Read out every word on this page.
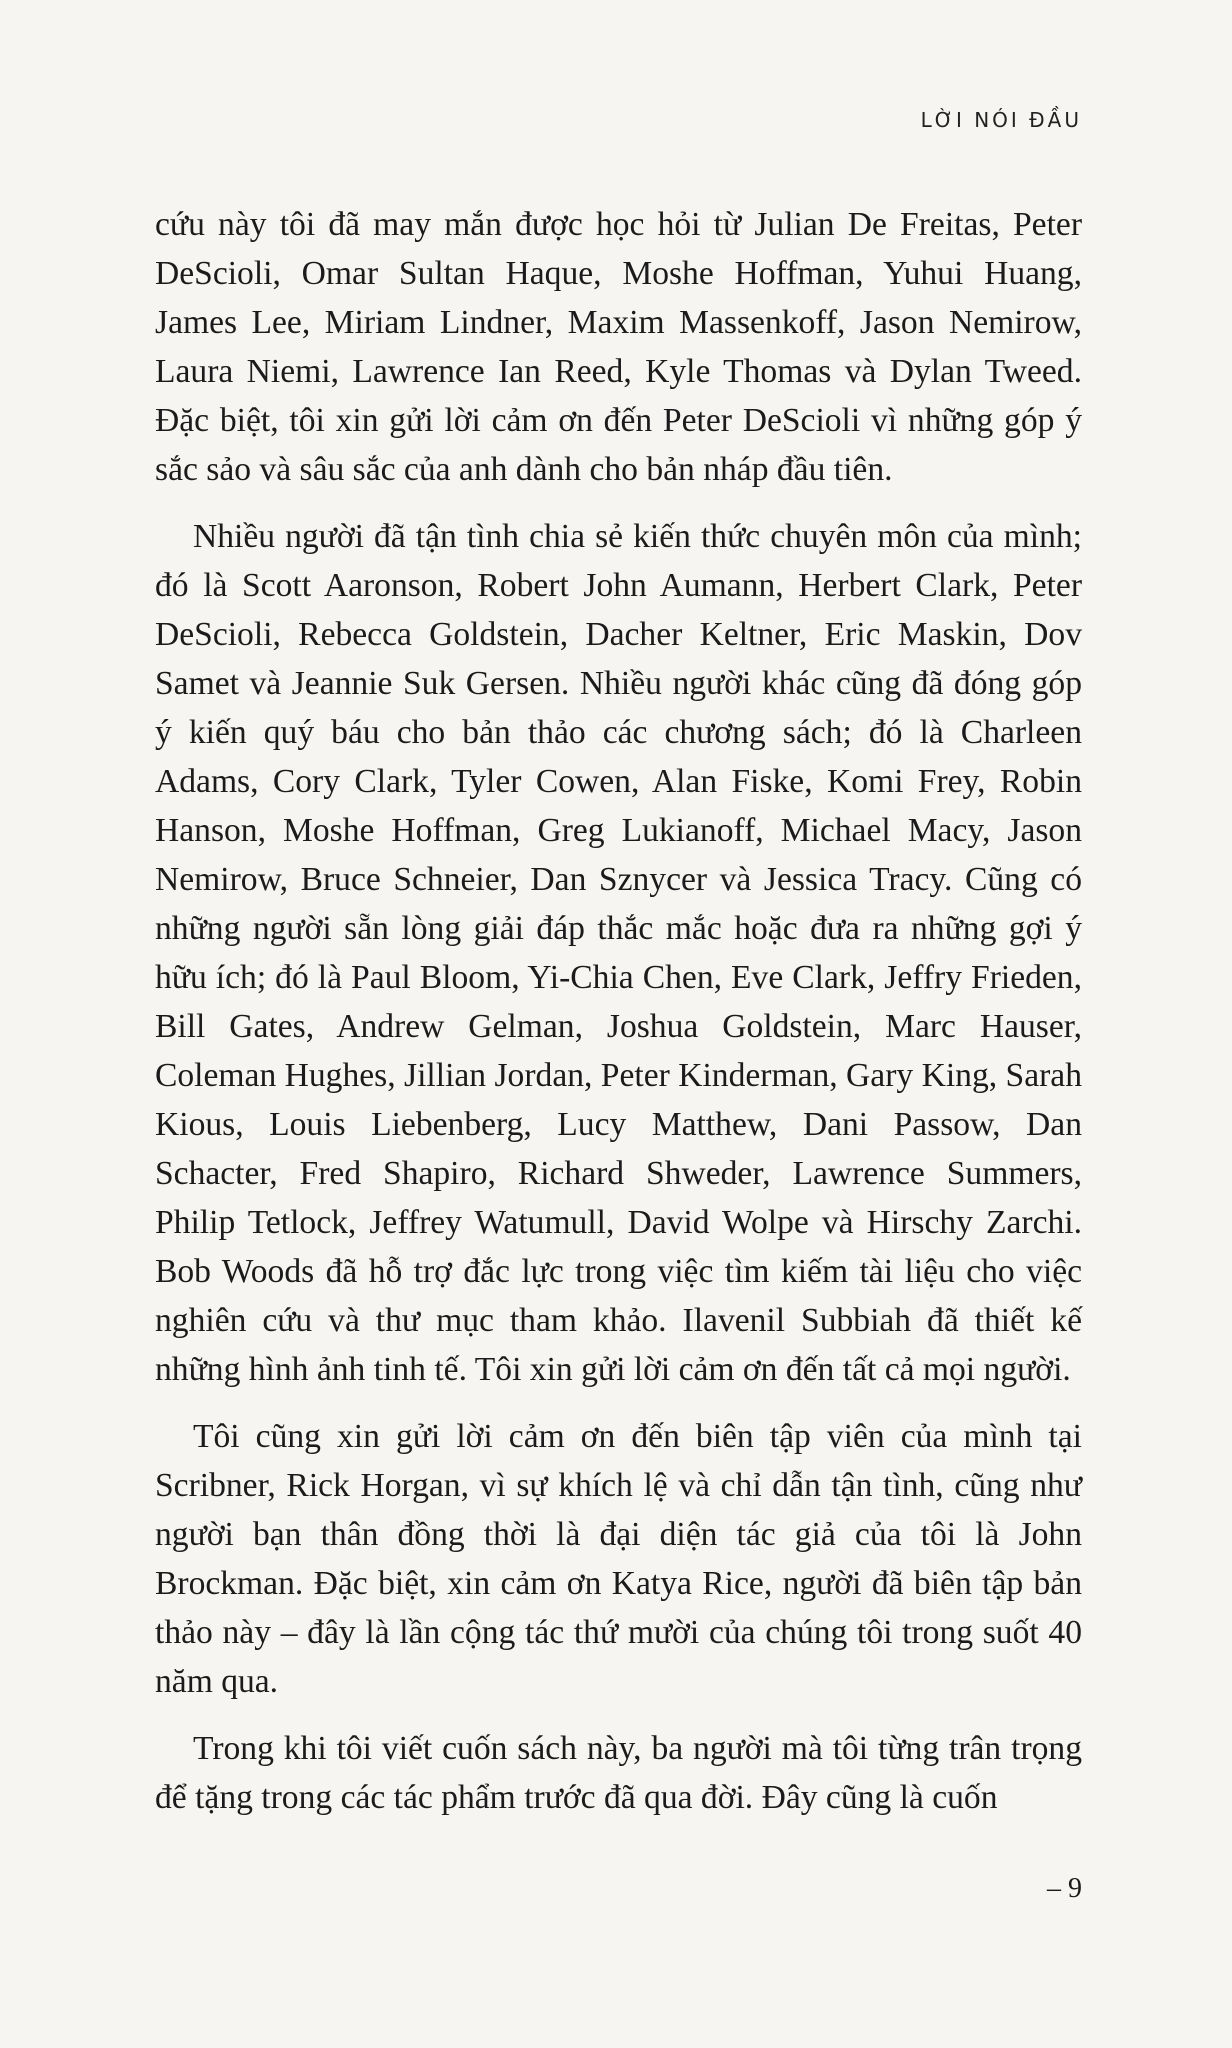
LỜI NÓI ĐẦU

cứu này tôi đã may mắn được học hỏi từ Julian De Freitas, Peter DeScioli, Omar Sultan Haque, Moshe Hoffman, Yuhui Huang, James Lee, Miriam Lindner, Maxim Massenkoff, Jason Nemirow, Laura Niemi, Lawrence Ian Reed, Kyle Thomas và Dylan Tweed. Đặc biệt, tôi xin gửi lời cảm ơn đến Peter DeScioli vì những góp ý sắc sảo và sâu sắc của anh dành cho bản nháp đầu tiên.

Nhiều người đã tận tình chia sẻ kiến thức chuyên môn của mình; đó là Scott Aaronson, Robert John Aumann, Herbert Clark, Peter DeScioli, Rebecca Goldstein, Dacher Keltner, Eric Maskin, Dov Samet và Jeannie Suk Gersen. Nhiều người khác cũng đã đóng góp ý kiến quý báu cho bản thảo các chương sách; đó là Charleen Adams, Cory Clark, Tyler Cowen, Alan Fiske, Komi Frey, Robin Hanson, Moshe Hoffman, Greg Lukianoff, Michael Macy, Jason Nemirow, Bruce Schneier, Dan Sznycer và Jessica Tracy. Cũng có những người sẵn lòng giải đáp thắc mắc hoặc đưa ra những gợi ý hữu ích; đó là Paul Bloom, Yi-Chia Chen, Eve Clark, Jeffry Frieden, Bill Gates, Andrew Gelman, Joshua Goldstein, Marc Hauser, Coleman Hughes, Jillian Jordan, Peter Kinderman, Gary King, Sarah Kious, Louis Liebenberg, Lucy Matthew, Dani Passow, Dan Schacter, Fred Shapiro, Richard Shweder, Lawrence Summers, Philip Tetlock, Jeffrey Watumull, David Wolpe và Hirschy Zarchi. Bob Woods đã hỗ trợ đắc lực trong việc tìm kiếm tài liệu cho việc nghiên cứu và thư mục tham khảo. Ilavenil Subbiah đã thiết kế những hình ảnh tinh tế. Tôi xin gửi lời cảm ơn đến tất cả mọi người.

Tôi cũng xin gửi lời cảm ơn đến biên tập viên của mình tại Scribner, Rick Horgan, vì sự khích lệ và chỉ dẫn tận tình, cũng như người bạn thân đồng thời là đại diện tác giả của tôi là John Brockman. Đặc biệt, xin cảm ơn Katya Rice, người đã biên tập bản thảo này – đây là lần cộng tác thứ mười của chúng tôi trong suốt 40 năm qua.

Trong khi tôi viết cuốn sách này, ba người mà tôi từng trân trọng để tặng trong các tác phẩm trước đã qua đời. Đây cũng là cuốn

– 9
